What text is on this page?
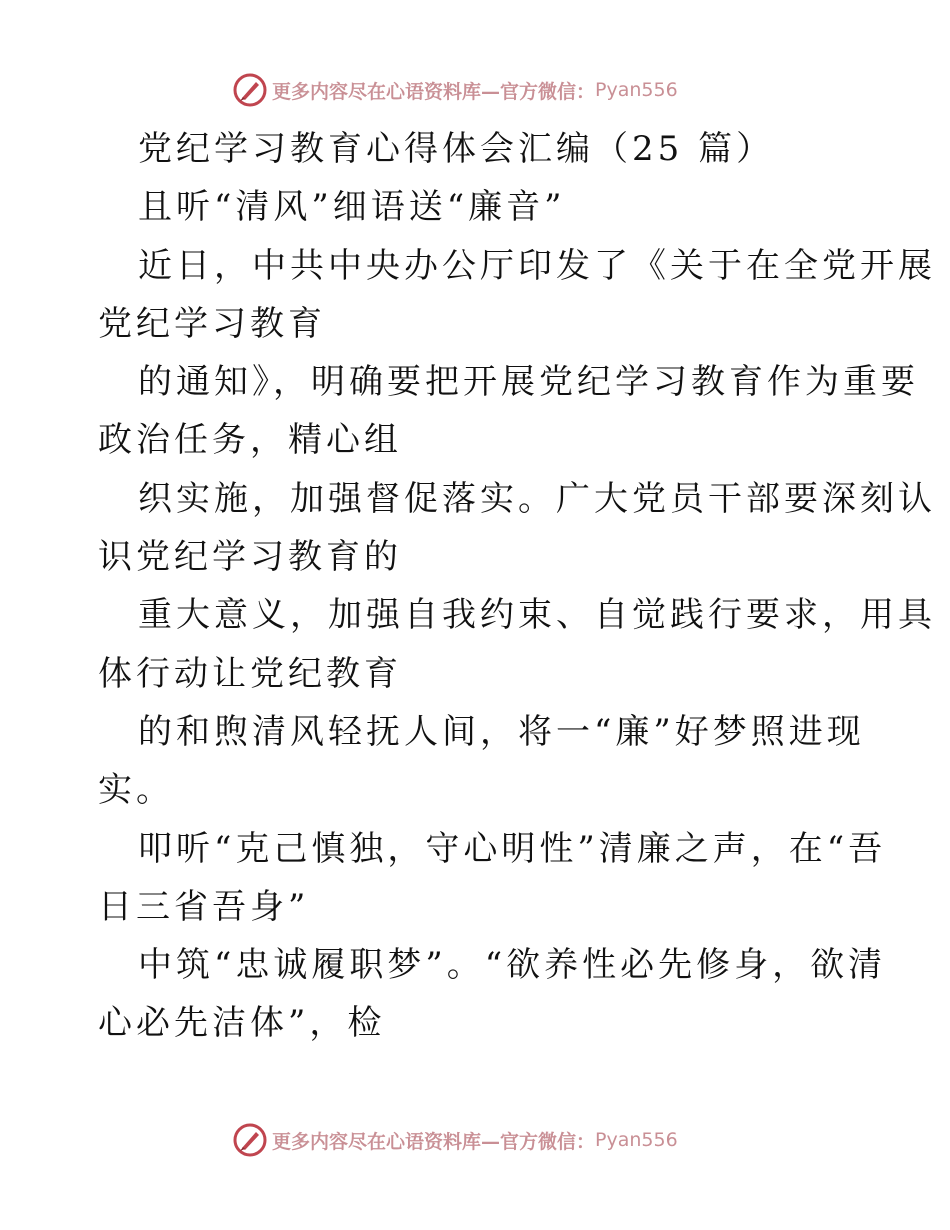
更多内容尽在心语资料库—官方微信： Pyan556
党纪学习教育心得体会汇编（25 篇）
且听“清风”细语送“廉音”
近日，中共中央办公厅印发了《关于在全党开展
党纪学习教育
的通知》，明确要把开展党纪学习教育作为重要
政治任务，精心组
织实施，加强督促落实。广大党员干部要深刻认
识党纪学习教育的
重大意义，加强自我约束、自觉践行要求，用具
体行动让党纪教育
的和煦清风轻抚人间，将一“廉”好梦照进现
实。
叩听“克己慎独，守心明性”清廉之声，在“吾
日三省吾身”
中筑“忠诚履职梦”。“欲养性必先修身，欲清
心必先洁体”，检
更多内容尽在心语资料库—官方微信： Pyan556
